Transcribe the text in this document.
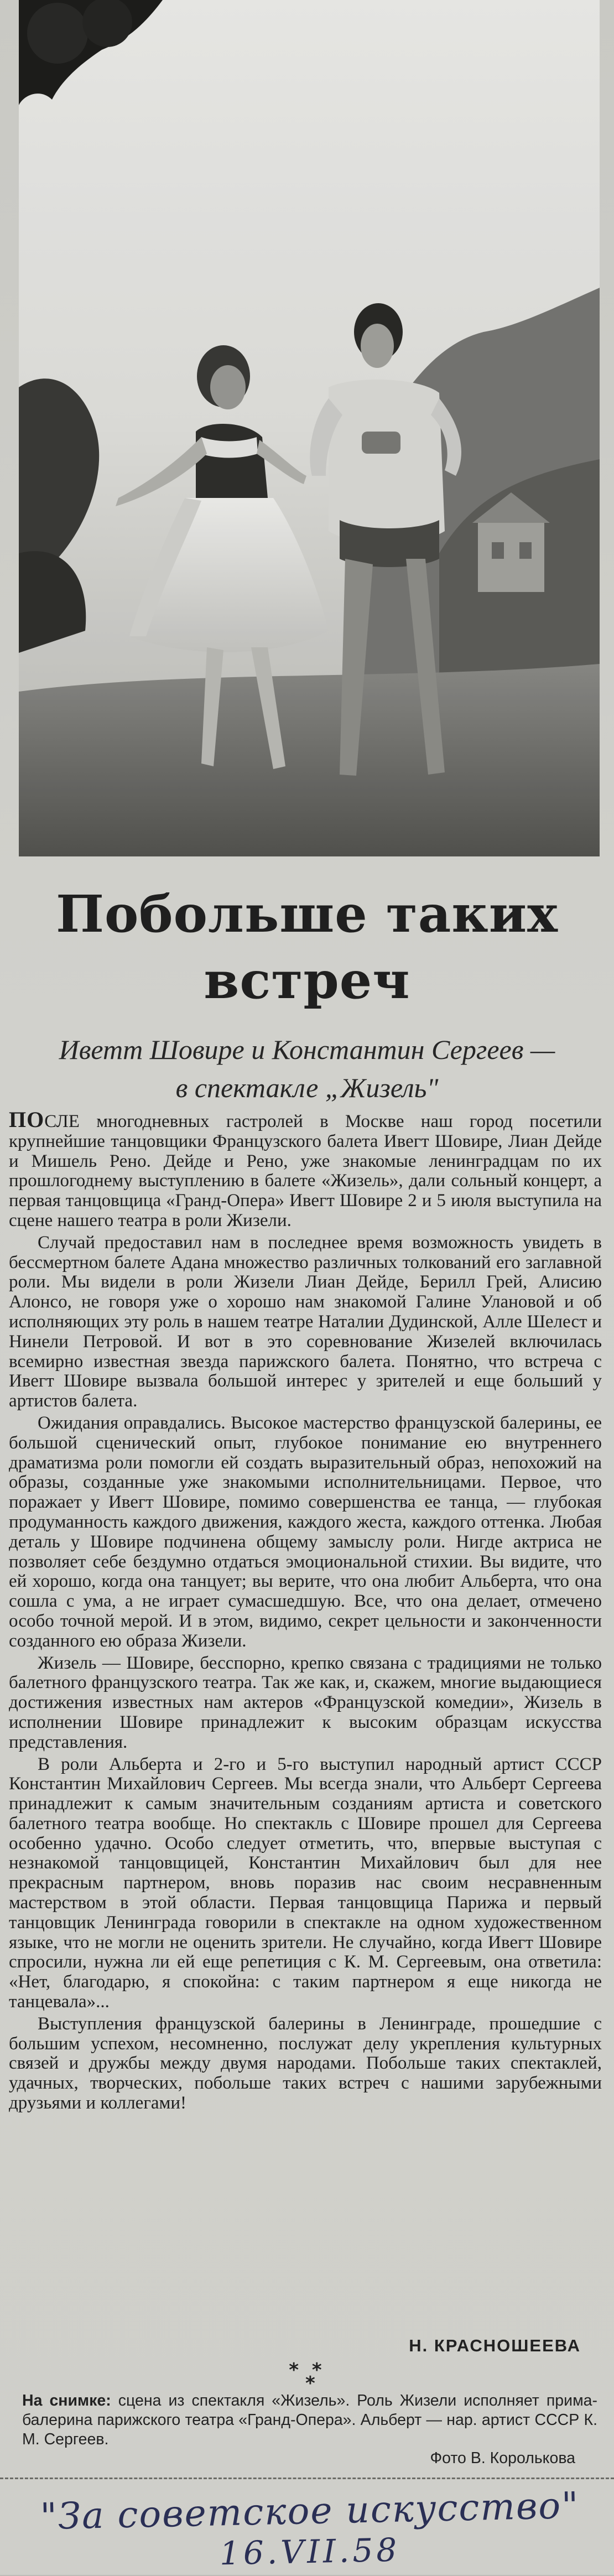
Побольше таких
встреч
Иветт Шовире и Константин Сергеев —
в спектакле „Жизель"

ПОСЛЕ многодневных гастролей в Москве наш город посетили крупнейшие танцовщики Французского балета Ивегт Шовире, Лиан Дейде и Мишель Рено. Дейде и Рено, уже знакомые ленинградцам по их прошлогоднему выступлению в балете «Жизель», дали сольный концерт, а первая танцовщица «Гранд-Опера» Ивегт Шовире 2 и 5 июля выступила на сцене нашего театра в роли Жизели.

Случай предоставил нам в последнее время возможность увидеть в бессмертном балете Адана множество различных толкований его заглавной роли. Мы видели в роли Жизели Лиан Дейде, Берилл Грей, Алисию Алонсо, не говоря уже о хорошо нам знакомой Галине Улановой и об исполняющих эту роль в нашем театре Наталии Дудинской, Алле Шелест и Нинели Петровой. И вот в это соревнование Жизелей включилась всемирно известная звезда парижского балета. Понятно, что встреча с Ивегт Шовире вызвала большой интерес у зрителей и еще больший у артистов балета.

Ожидания оправдались. Высокое мастерство французской балерины, ее большой сценический опыт, глубокое понимание ею внутреннего драматизма роли помогли ей создать выразительный образ, непохожий на образы, созданные уже знакомыми исполнительницами. Первое, что поражает у Ивегт Шовире, помимо совершенства ее танца, — глубокая продуманность каждого движения, каждого жеста, каждого оттенка. Любая деталь у Шовире подчинена общему замыслу роли. Нигде актриса не позволяет себе бездумно отдаться эмоциональной стихии. Вы видите, что ей хорошо, когда она танцует; вы верите, что она любит Альберта, что она сошла с ума, а не играет сумасшедшую. Все, что она делает, отмечено особо точной мерой. И в этом, видимо, секрет цельности и законченности созданного ею образа Жизели.

Жизель — Шовире, бесспорно, крепко связана с традициями не только балетного французского театра. Так же как, и, скажем, многие выдающиеся достижения известных нам актеров «Французской комедии», Жизель в исполнении Шовире принадлежит к высоким образцам искусства представления.

В роли Альберта и 2-го и 5-го выступил народный артист СССР Константин Михайлович Сергеев. Мы всегда знали, что Альберт Сергеева принадлежит к самым значительным созданиям артиста и советского балетного театра вообще. Но спектакль с Шовире прошел для Сергеева особенно удачно. Особо следует отметить, что, впервые выступая с незнакомой танцовщицей, Константин Михайлович был для нее прекрасным партнером, вновь поразив нас своим несравненным мастерством в этой области. Первая танцовщица Парижа и первый танцовщик Ленинграда говорили в спектакле на одном художественном языке, что не могли не оценить зрители. Не случайно, когда Ивегт Шовире спросили, нужна ли ей еще репетиция с К. М. Сергеевым, она ответила: «Нет, благодарю, я спокойна: с таким партнером я еще никогда не танцевала»...

Выступления французской балерины в Ленинграде, прошедшие с большим успехом, несомненно, послужат делу укрепления культурных связей и дружбы между двумя народами. Побольше таких спектаклей, удачных, творческих, побольше таких встреч с нашими зарубежными друзьями и коллегами!

Н. КРАСНОШЕЕВА
* *
*
На снимке: сцена из спектакля «Жизель». Роль Жизели исполняет прима-балерина парижского театра «Гранд-Опера». Альберт — нар. артист СССР К. М. Сергеев.
Фото В. Королькова
"За советское искусство"
16.VII.58
